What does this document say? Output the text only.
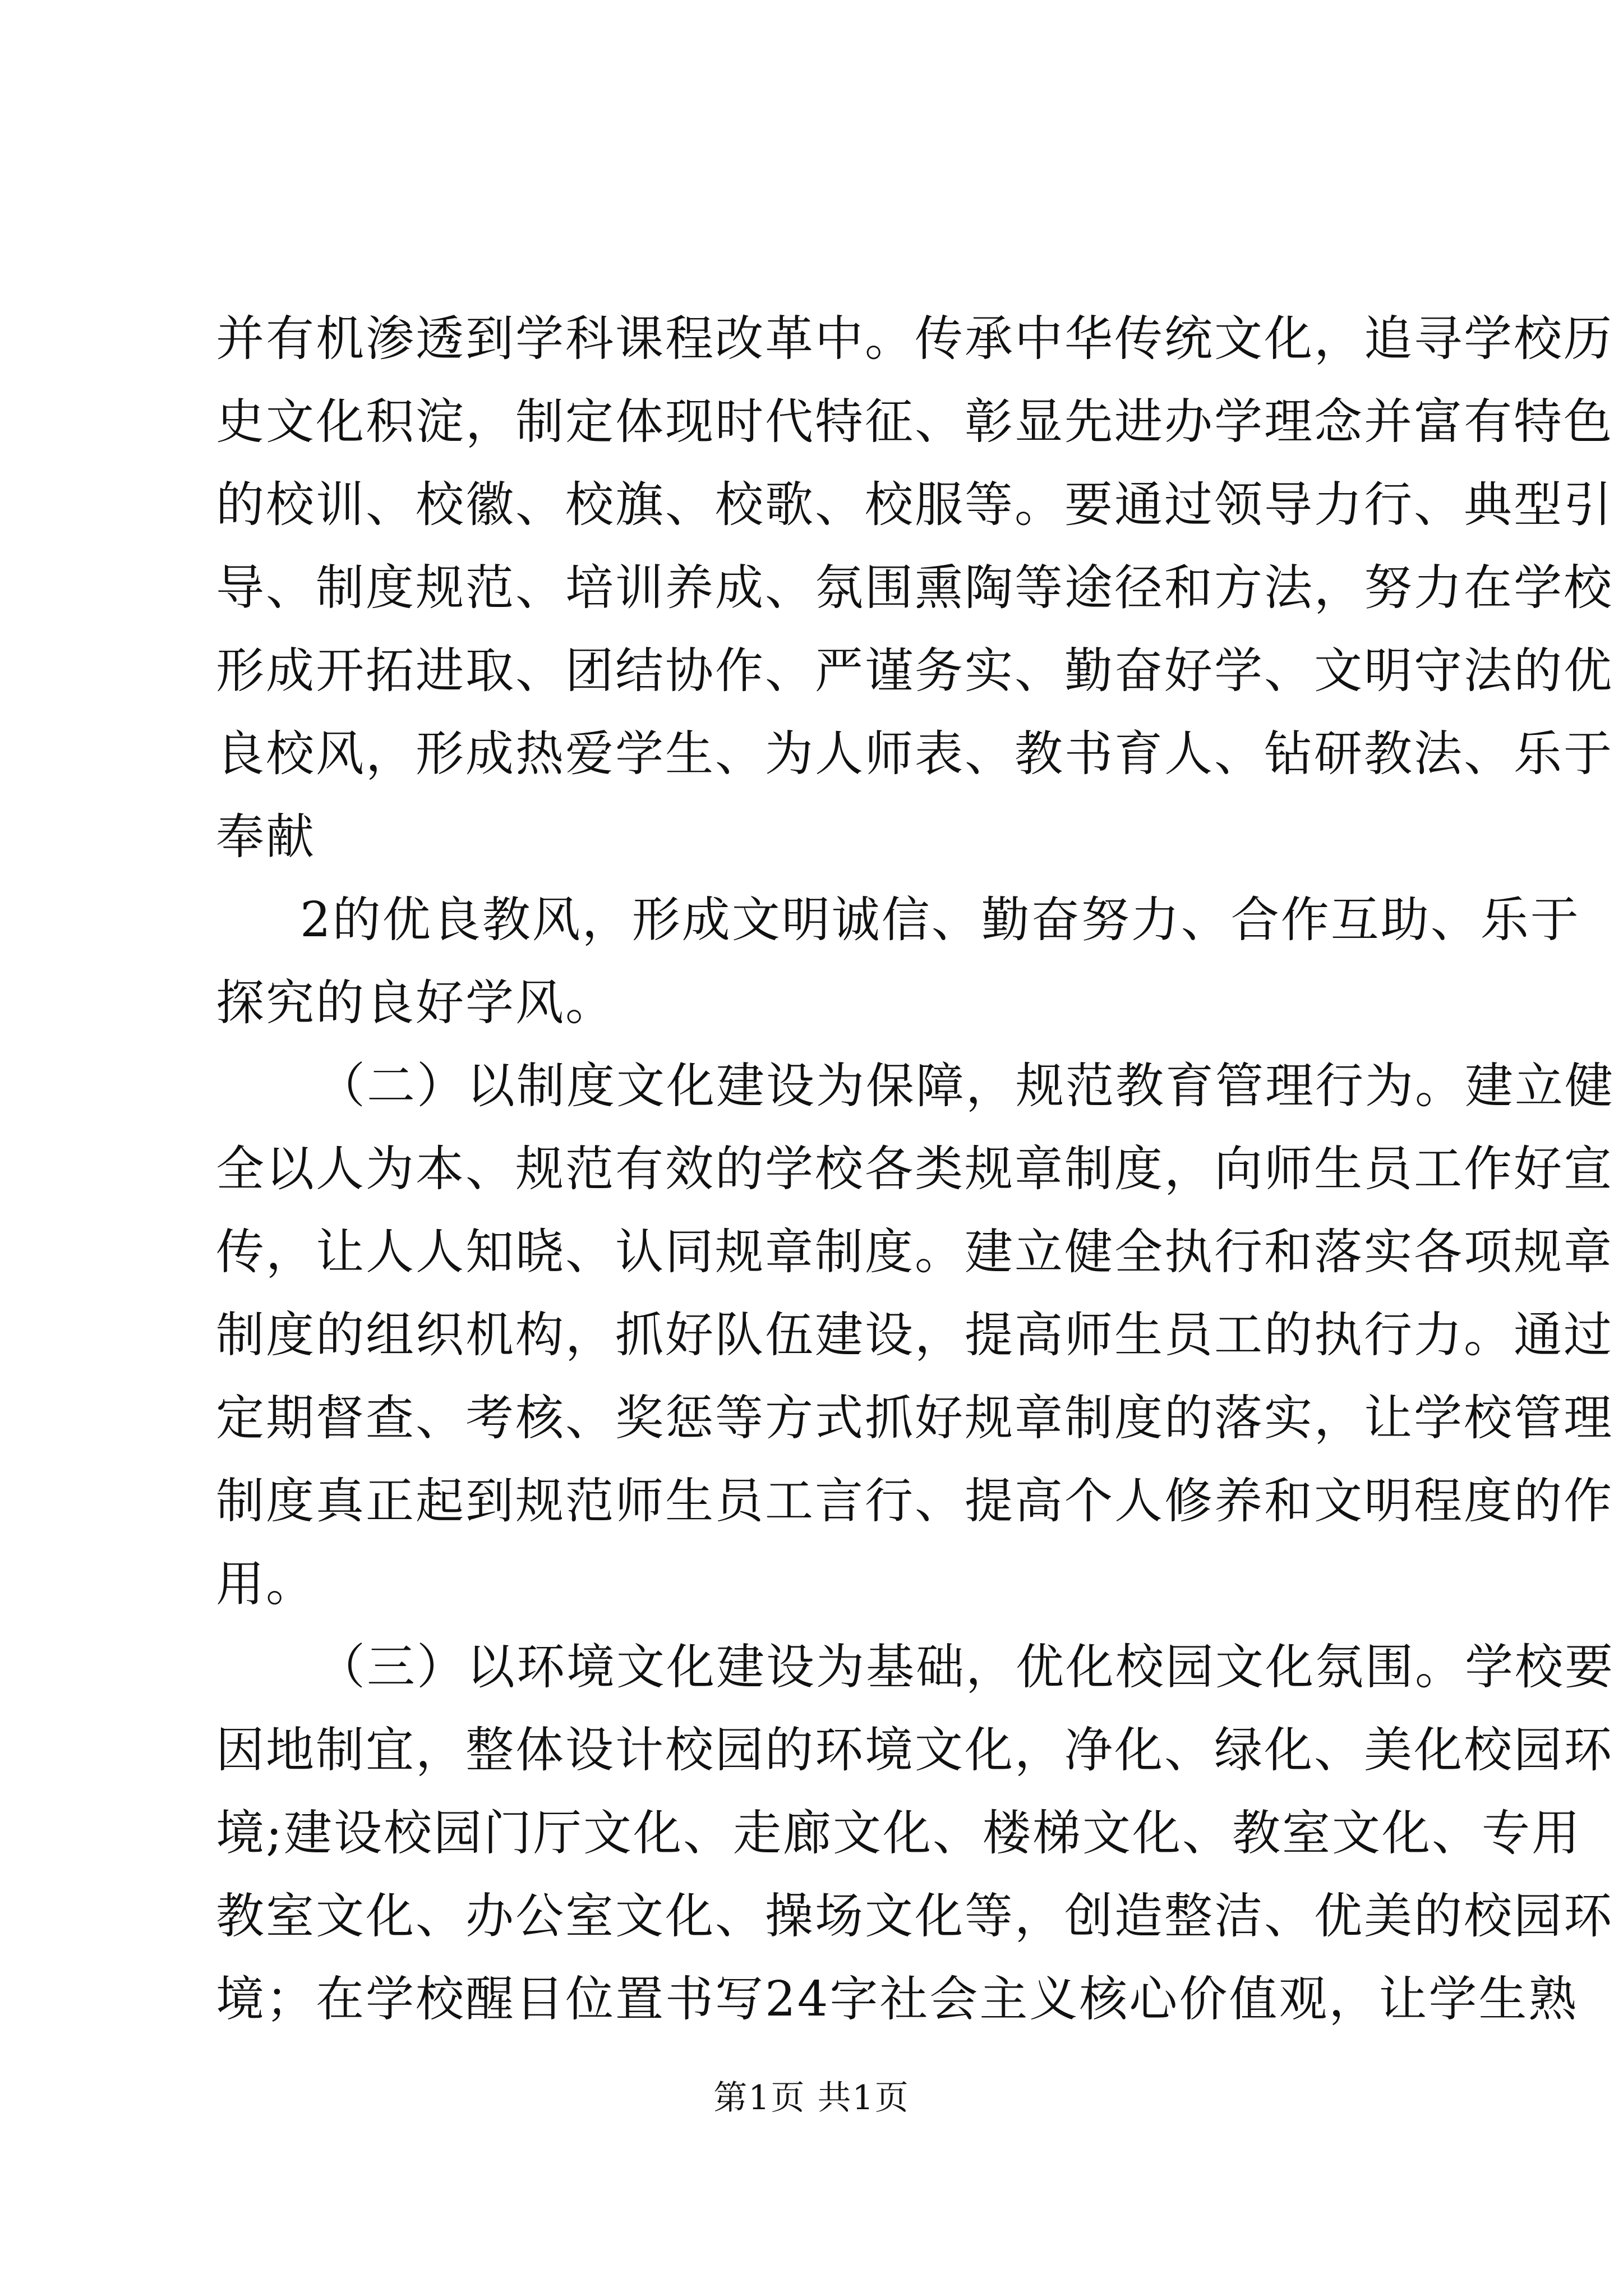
并有机渗透到学科课程改革中。传承中华传统文化，追寻学校历
史文化积淀，制定体现时代特征、彰显先进办学理念并富有特色
的校训、校徽、校旗、校歌、校服等。要通过领导力行、典型引
导、制度规范、培训养成、氛围熏陶等途径和方法，努力在学校
形成开拓进取、团结协作、严谨务实、勤奋好学、文明守法的优
良校风，形成热爱学生、为人师表、教书育人、钻研教法、乐于
奉献
2的优良教风，形成文明诚信、勤奋努力、合作互助、乐于
探究的良好学风。
（二）以制度文化建设为保障，规范教育管理行为。建立健
全以人为本、规范有效的学校各类规章制度，向师生员工作好宣
传，让人人知晓、认同规章制度。建立健全执行和落实各项规章
制度的组织机构，抓好队伍建设，提高师生员工的执行力。通过
定期督查、考核、奖惩等方式抓好规章制度的落实，让学校管理
制度真正起到规范师生员工言行、提高个人修养和文明程度的作
用。
（三）以环境文化建设为基础，优化校园文化氛围。学校要
因地制宜，整体设计校园的环境文化，净化、绿化、美化校园环
境;建设校园门厅文化、走廊文化、楼梯文化、教室文化、专用
教室文化、办公室文化、操场文化等，创造整洁、优美的校园环
境；在学校醒目位置书写24字社会主义核心价值观，让学生熟
第1页 共1页
